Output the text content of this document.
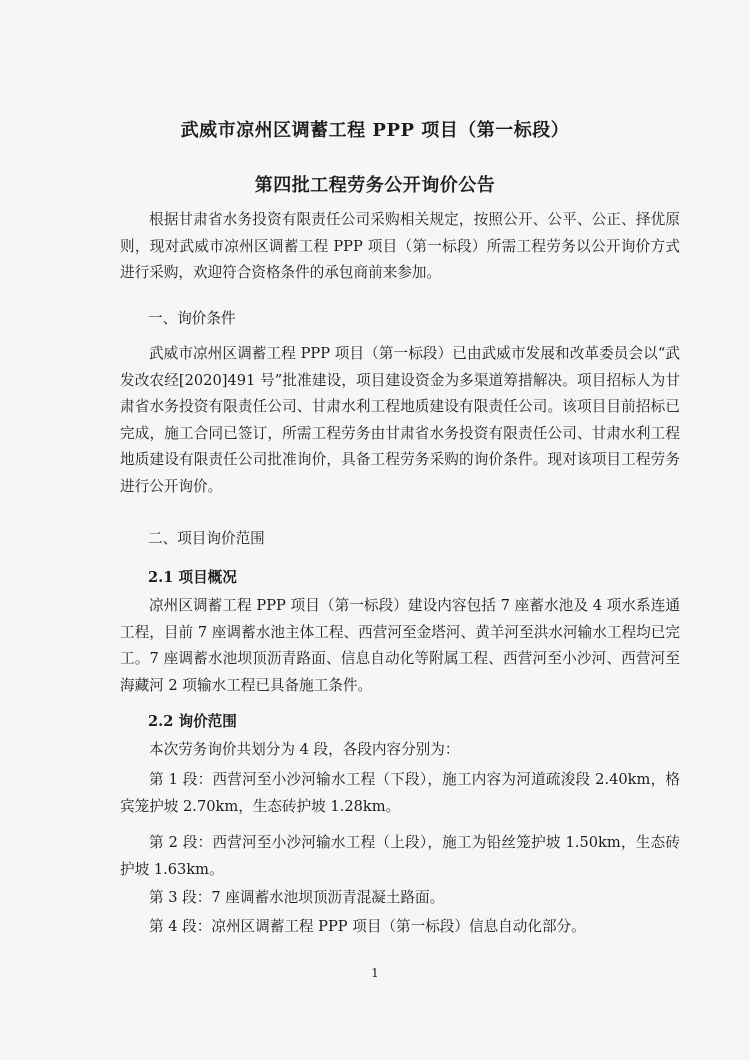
武威市凉州区调蓄工程 PPP 项目（第一标段）
第四批工程劳务公开询价公告

根据甘肃省水务投资有限责任公司采购相关规定，按照公开、公平、公正、择优原则，现对武威市凉州区调蓄工程 PPP 项目（第一标段）所需工程劳务以公开询价方式进行采购，欢迎符合资格条件的承包商前来参加。

一、询价条件

武威市凉州区调蓄工程 PPP 项目（第一标段）已由武威市发展和改革委员会以“武发改农经[2020]491 号”批准建设，项目建设资金为多渠道筹措解决。项目招标人为甘肃省水务投资有限责任公司、甘肃水利工程地质建设有限责任公司。该项目目前招标已完成，施工合同已签订，所需工程劳务由甘肃省水务投资有限责任公司、甘肃水利工程地质建设有限责任公司批准询价，具备工程劳务采购的询价条件。现对该项目工程劳务进行公开询价。

二、项目询价范围

2.1 项目概况

凉州区调蓄工程 PPP 项目（第一标段）建设内容包括 7 座蓄水池及 4 项水系连通工程，目前 7 座调蓄水池主体工程、西营河至金塔河、黄羊河至洪水河输水工程均已完工。7 座调蓄水池坝顶沥青路面、信息自动化等附属工程、西营河至小沙河、西营河至海藏河 2 项输水工程已具备施工条件。

2.2 询价范围

本次劳务询价共划分为 4 段，各段内容分别为：

第 1 段：西营河至小沙河输水工程（下段），施工内容为河道疏浚段 2.40km，格宾笼护坡 2.70km，生态砖护坡 1.28km。

第 2 段：西营河至小沙河输水工程（上段），施工为铅丝笼护坡 1.50km，生态砖护坡 1.63km。

第 3 段：7 座调蓄水池坝顶沥青混凝土路面。

第 4 段：凉州区调蓄工程 PPP 项目（第一标段）信息自动化部分。

1
